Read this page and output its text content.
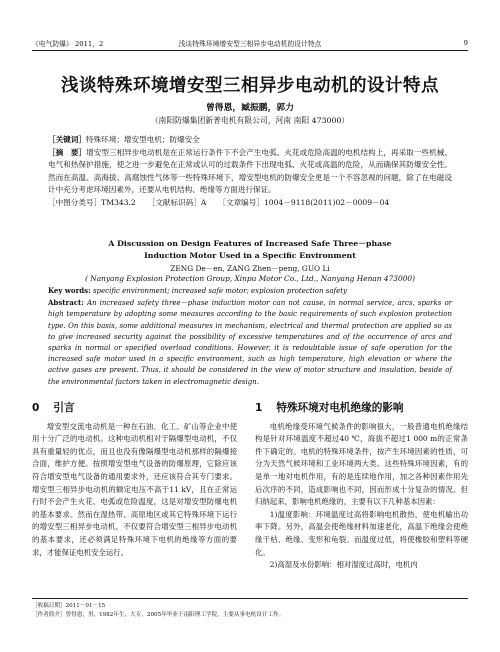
《电气防爆》 2011，2	浅谈特殊环境增安型三相异步电动机的设计特点	9
浅谈特殊环境增安型三相异步电动机的设计特点
曾得恩，臧振鹏，郭力
（南阳防爆集团新普电机有限公司，河南 南阳 473000）

［关键词］特殊环境；增安型电机；防爆安全

［摘　要］增安型三相异步电动机是在正常运行条件下不会产生电弧、火花或危险高温的电机结构上，再采取一些机械、电气和热保护措施，使之进一步避免在正常或认可的过载条件下出现电弧、火花或高温的危险，从而确保其防爆安全性。然而在高温、高海拔、高腐蚀性气体等一些特殊环境下，增安型电机的防爆安全更是一个不容忽视的问题，除了在电磁设计中充分考虑环境因素外，还要从电机结构、绝缘等方面进行保证。

［中图分类号］TM343.2 ［文献标识码］A ［文章编号］1004－9118(2011)02－0009－04

A Discussion on Design Features of Increased Safe Three－phase Induction Motor Used in a Specific Environment
ZENG De－en, ZANG Zhen－peng, GUO Li
( Nanyang Explosion Protection Group, Xinpu Motor Co., Ltd., Nanyang Henan 473000)

Key words: specific environment; increased safe motor; explosion protection safety

Abstract: An increased safety three－phase induction motor can not cause, in normal service, arcs, sparks or high temperature by adopting some measures according to the basic requirements of such explosion protection type. On this basis, some additional measures in mechanism, electrical and thermal protection are applied so as to give increased security against the possibility of excessive temperatures and of the occurrence of arcs and sparks in normal or specified overload conditions. However, it is redoubtable issue of safe operation for the increased safe motor used in a specific environment, such as high temperature, high elevation or where the active gases are present. Thus, it should be considered in the view of motor structure and insulation, beside of the environmental factors taken in electromagnetic design.

0 引言

增安型交流电动机是一种在石油、化工、矿山等企业中使用十分广泛的电动机。这种电动机相对于隔爆型电动机，不仅具有重量轻的优点，而且也没有像隔爆型电动机那样的隔爆接合面，维护方便。按照增安型电气设备的防爆原理，它除应该符合增安型电气设备的通用要求外，还应该符合其专门要求。增安型三相异步电动机的额定电压不高于11 kV，且在正常运行时不会产生火花、电弧或危险温度，这是对增安型防爆电机的基本要求。然而在湿热带、高原地区或其它特殊环境下运行的增安型三相异步电动机，不仅要符合增安型三相异步电动机的基本要求，还必须满足特殊环境下电机的绝缘等方面的要求，才能保证电机安全运行。

1 特殊环境对电机绝缘的影响

电机绝缘受环境气候条件的影响很大，一般普通电机绝缘结构是针对环境温度不超过40 ℃，海拔不超过1 000 m的正常条件下确定的。电机的特殊环境条件，按产生环境因素的性质，可分为天然气候环境和工业环境两大类。这些特殊环境因素，有的是单一地对电机作用，有的是连续地作用，加之各种因素作用先后次序的不同，造成影响也不同，因而形成十分复杂的情况。但归纳起来，影响电机绝缘的，主要有以下几种基本因素：

1)温度影响：环境温度过高将影响电机散热，使电机输出功率下降。另外，高温会使绝缘材料加速老化，高温下绝缘会使绝缘干枯、绝缘、变形和龟裂。而温度过低，将使橡胶和塑料等硬化。

2)高湿及水份影响：相对湿度过高时，电机内

［收稿日期］2011－01－15
［作者简介］曾得恩，男，1982年生，大专，2005年毕业于南阳理工学院，主要从事电机设计工作。
